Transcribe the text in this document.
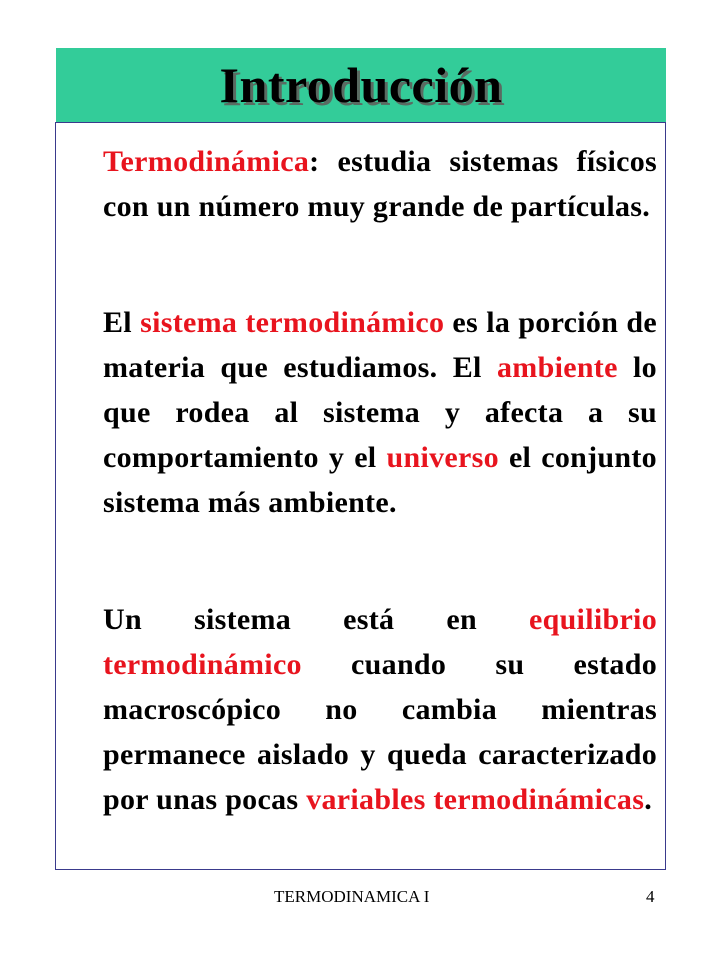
Introducción

Termodinámica: estudia sistemas físicos con un número muy grande de partículas.

El sistema termodinámico es la porción de materia que estudiamos. El ambiente lo que rodea al sistema y afecta a su comportamiento y el universo el conjunto sistema más ambiente.

Un sistema está en equilibrio termodinámico cuando su estado macroscópico no cambia mientras permanece aislado y queda caracterizado por unas pocas variables termodinámicas.

TERMODINAMICA I	4
